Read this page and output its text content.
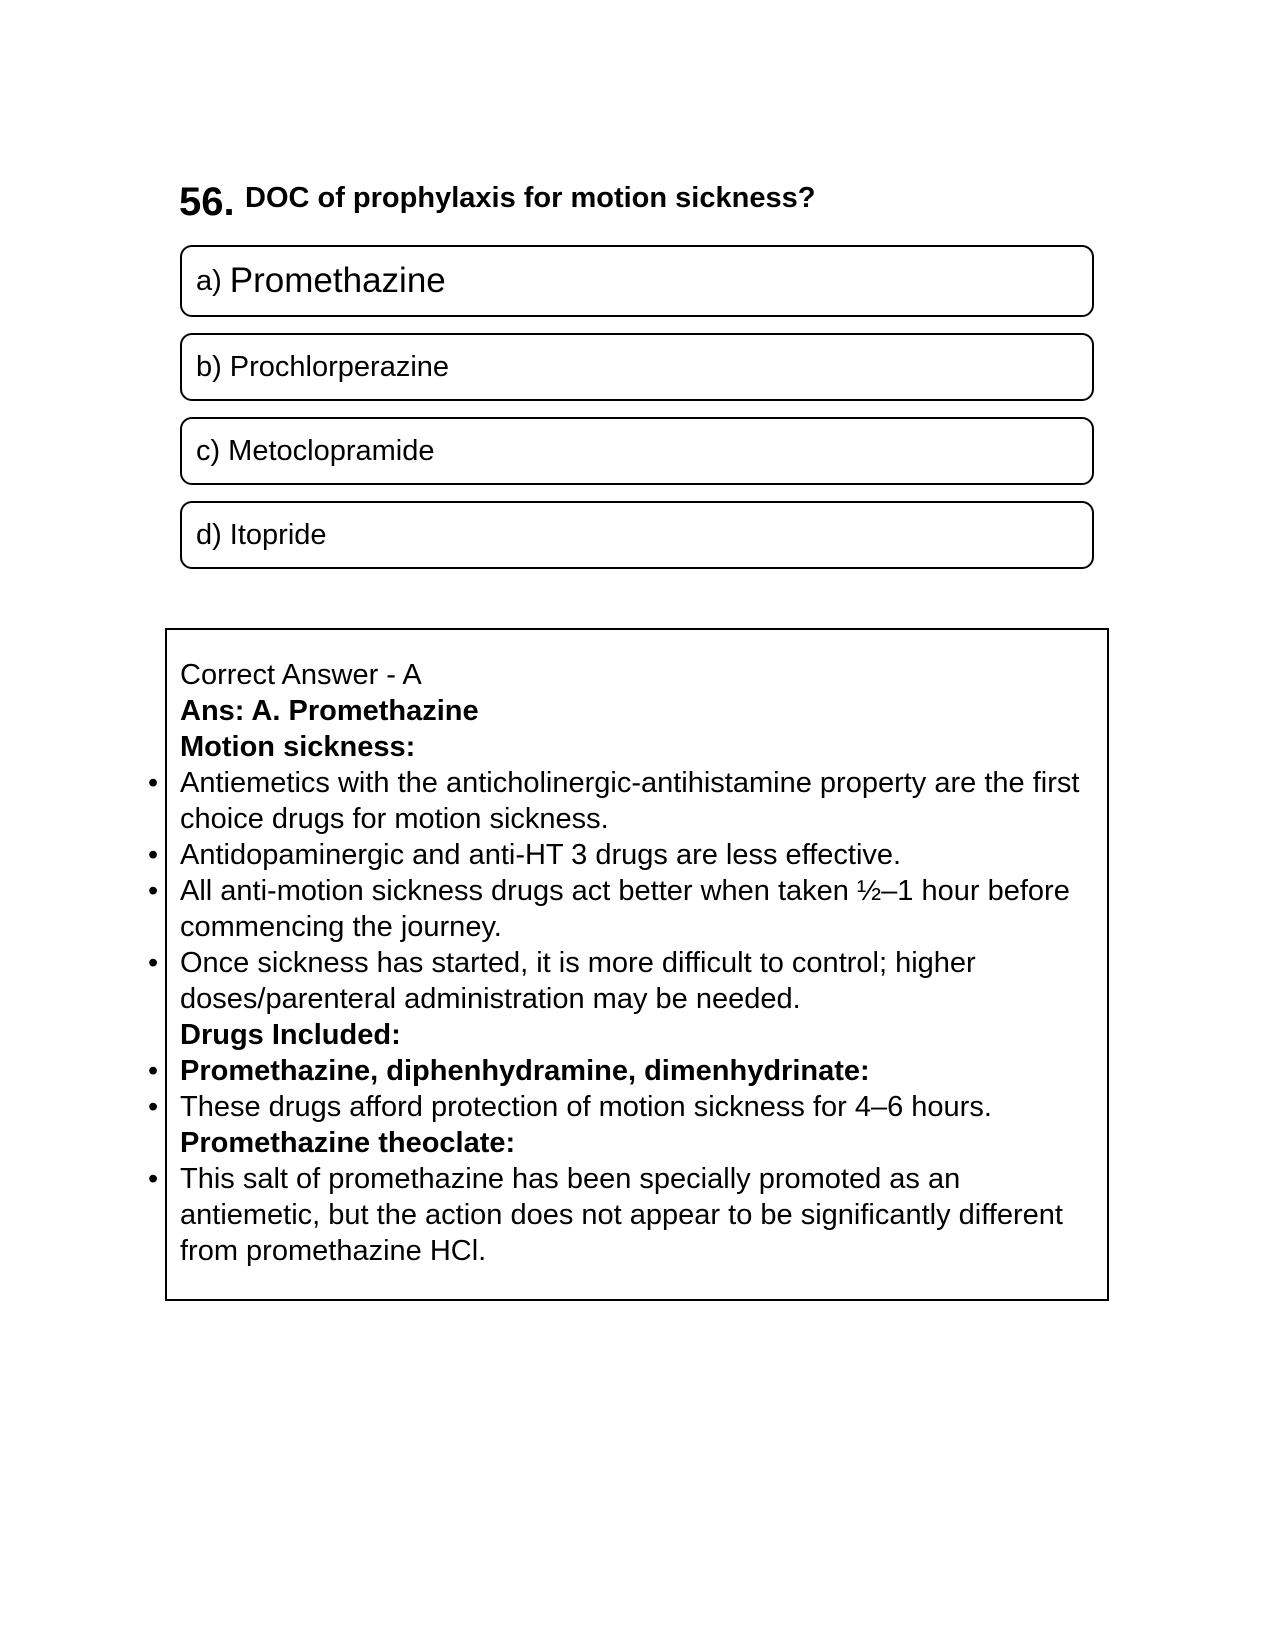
56. DOC of prophylaxis for motion sickness?
a) Promethazine
b) Prochlorperazine
c) Metoclopramide
d) Itopride

Correct Answer - A

Ans: A. Promethazine

Motion sickness:

• Antiemetics with the anticholinergic-antihistamine property are the first choice drugs for motion sickness.

• Antidopaminergic and anti-HT 3 drugs are less effective.

• All anti-motion sickness drugs act better when taken ½–1 hour before commencing the journey.

• Once sickness has started, it is more difficult to control; higher doses/parenteral administration may be needed.

Drugs Included:

• Promethazine, diphenhydramine, dimenhydrinate:

• These drugs afford protection of motion sickness for 4–6 hours.

Promethazine theoclate:

• This salt of promethazine has been specially promoted as an antiemetic, but the action does not appear to be significantly different from promethazine HCl.
